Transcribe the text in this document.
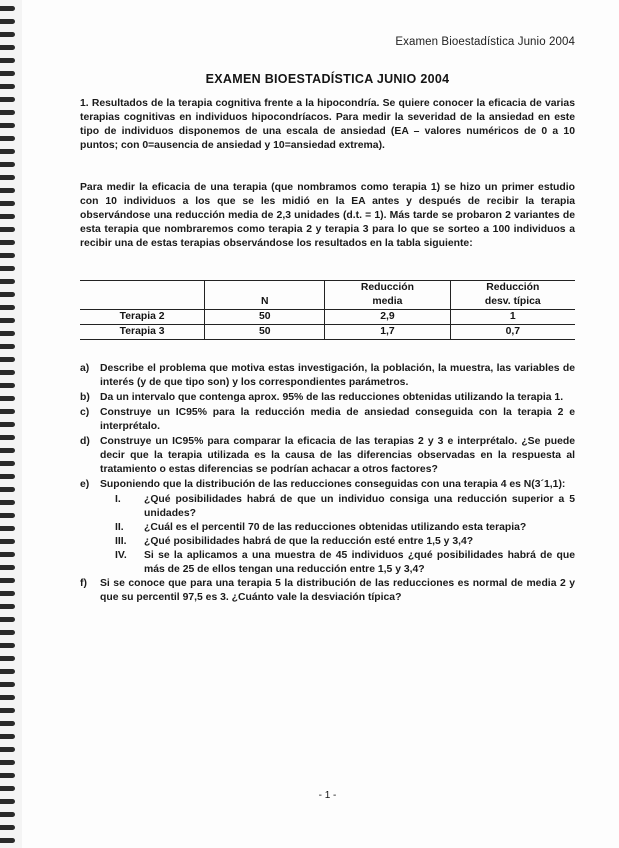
Examen Bioestadística Junio 2004
EXAMEN BIOESTADÍSTICA JUNIO 2004

1. Resultados de la terapia cognitiva frente a la hipocondría. Se quiere conocer la eficacia de varias terapias cognitivas en individuos hipocondríacos. Para medir la severidad de la ansiedad en este tipo de individuos disponemos de una escala de ansiedad (EA – valores numéricos de 0 a 10 puntos; con 0=ausencia de ansiedad y 10=ansiedad extrema).

Para medir la eficacia de una terapia (que nombramos como terapia 1) se hizo un primer estudio con 10 individuos a los que se les midió en la EA antes y después de recibir la terapia observándose una reducción media de 2,3 unidades (d.t. = 1). Más tarde se probaron 2 variantes de esta terapia que nombraremos como terapia 2 y terapia 3 para lo que se sorteo a 100 individuos a recibir una de estas terapias observándose los resultados en la tabla siguiente:

		Reducción	Reducción
	N	media	desv. típica
Terapia 2	50	2,9	1
Terapia 3	50	1,7	0,7
a)	Describe el problema que motiva estas investigación, la población, la muestra, las variables de interés (y de que tipo son) y los correspondientes parámetros.
b) Da un intervalo que contenga aprox. 95% de las reducciones obtenidas utilizando la terapia 1.
c)	Construye un IC95% para la reducción media de ansiedad conseguida con la terapia 2 e interprétalo.
d) Construye un IC95% para comparar la eficacia de las terapias 2 y 3 e interprétalo. ¿Se puede decir que la terapia utilizada es la causa de las diferencias observadas en la respuesta al tratamiento o estas diferencias se podrían achacar a otros factores?
e)	Suponiendo que la distribución de las reducciones conseguidas con una terapia 4 es N(3´1,1):
I.	¿Qué posibilidades habrá de que un individuo consiga una reducción superior a 5 unidades?
II.	¿Cuál es el percentil 70 de las reducciones obtenidas utilizando esta terapia?
III.	¿Qué posibilidades habrá de que la reducción esté entre 1,5 y 3,4?
IV.	Si se la aplicamos a una muestra de 45 individuos ¿qué posibilidades habrá de que más de 25 de ellos tengan una reducción entre 1,5 y 3,4?
f)	Si se conoce que para una terapia 5 la distribución de las reducciones es normal de media 2 y que su percentil 97,5 es 3. ¿Cuánto vale la desviación típica?
- 1 -
